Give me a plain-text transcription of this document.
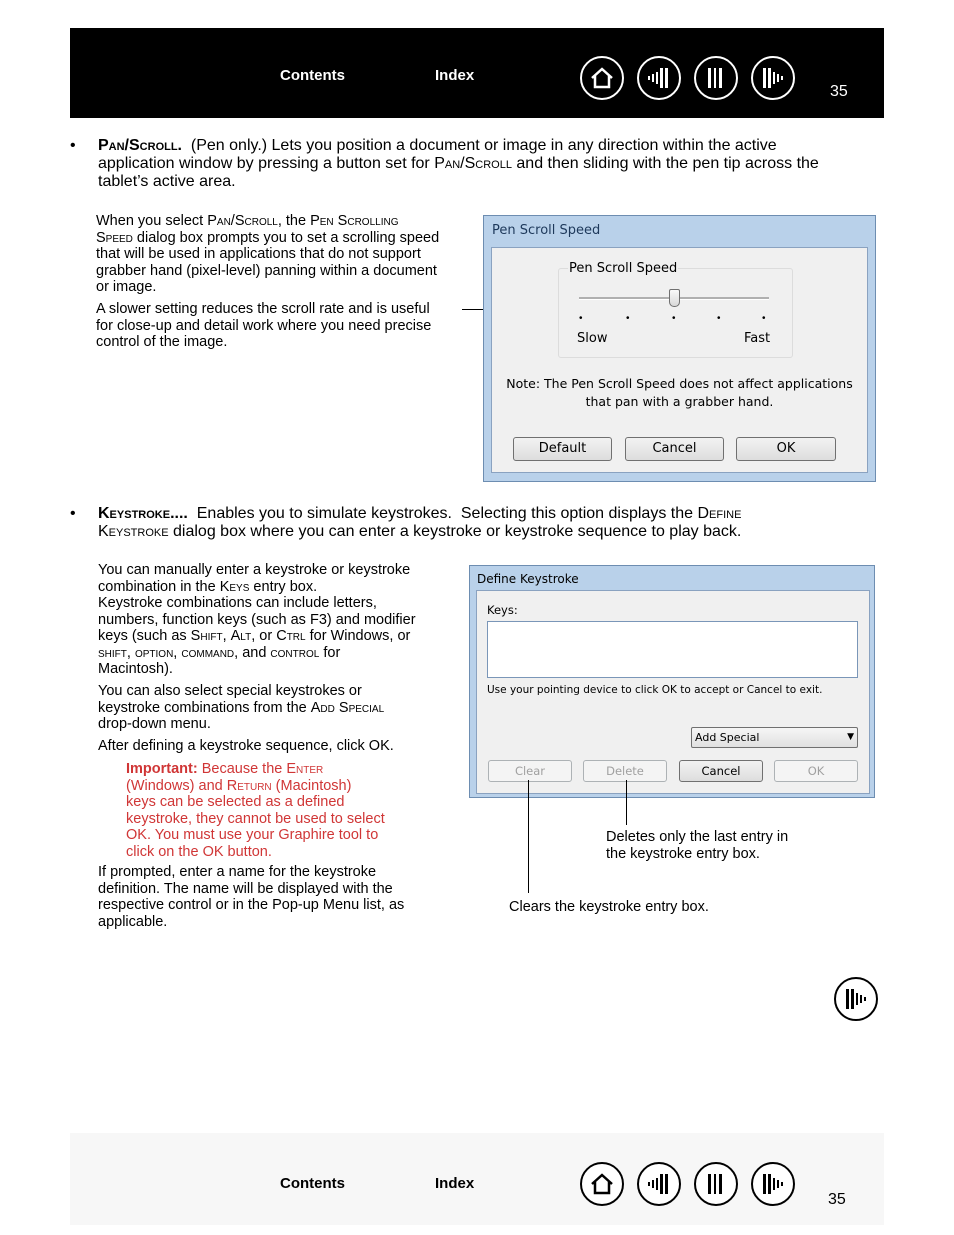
Contents	Index
35
• Pan/Scroll. (Pen only.) Lets you position a document or image in any direction within the active
application window by pressing a button set for Pan/Scroll and then sliding with the pen tip across the
tablet’s active area.
When you select Pan/Scroll, the Pen Scrolling
Speed dialog box prompts you to set a scrolling speed
that will be used in applications that do not support
grabber hand (pixel-level) panning within a document
or image.
A slower setting reduces the scroll rate and is useful
for close-up and detail work where you need precise
control of the image.
Pen Scroll Speed
Pen Scroll Speed
•	•	•	•	•
Slow	Fast
Note: The Pen Scroll Speed does not affect applications
that pan with a grabber hand.
Default	Cancel	OK
• Keystroke....  Enables you to simulate keystrokes.  Selecting this option displays the Define
Keystroke dialog box where you can enter a keystroke or keystroke sequence to play back.
You can manually enter a keystroke or keystroke
combination in the Keys entry box.
Keystroke combinations can include letters,
numbers, function keys (such as F3) and modifier
keys (such as Shift, Alt, or Ctrl for Windows, or
shift, option, command, and control for
Macintosh).
You can also select special keystrokes or
keystroke combinations from the Add Special
drop-down menu.
After defining a keystroke sequence, click OK.
Important: Because the Enter
(Windows) and Return (Macintosh)
keys can be selected as a defined
keystroke, they cannot be used to select
OK. You must use your Graphire tool to
click on the OK button.
If prompted, enter a name for the keystroke
definition. The name will be displayed with the
respective control or in the Pop-up Menu list, as
applicable.
Define Keystroke
Keys:
Use your pointing device to click OK to accept or Cancel to exit.
Add Special	▼
Clear	Delete	Cancel	OK
Deletes only the last entry in
the keystroke entry box.
Clears the keystroke entry box.
Contents	Index
35
